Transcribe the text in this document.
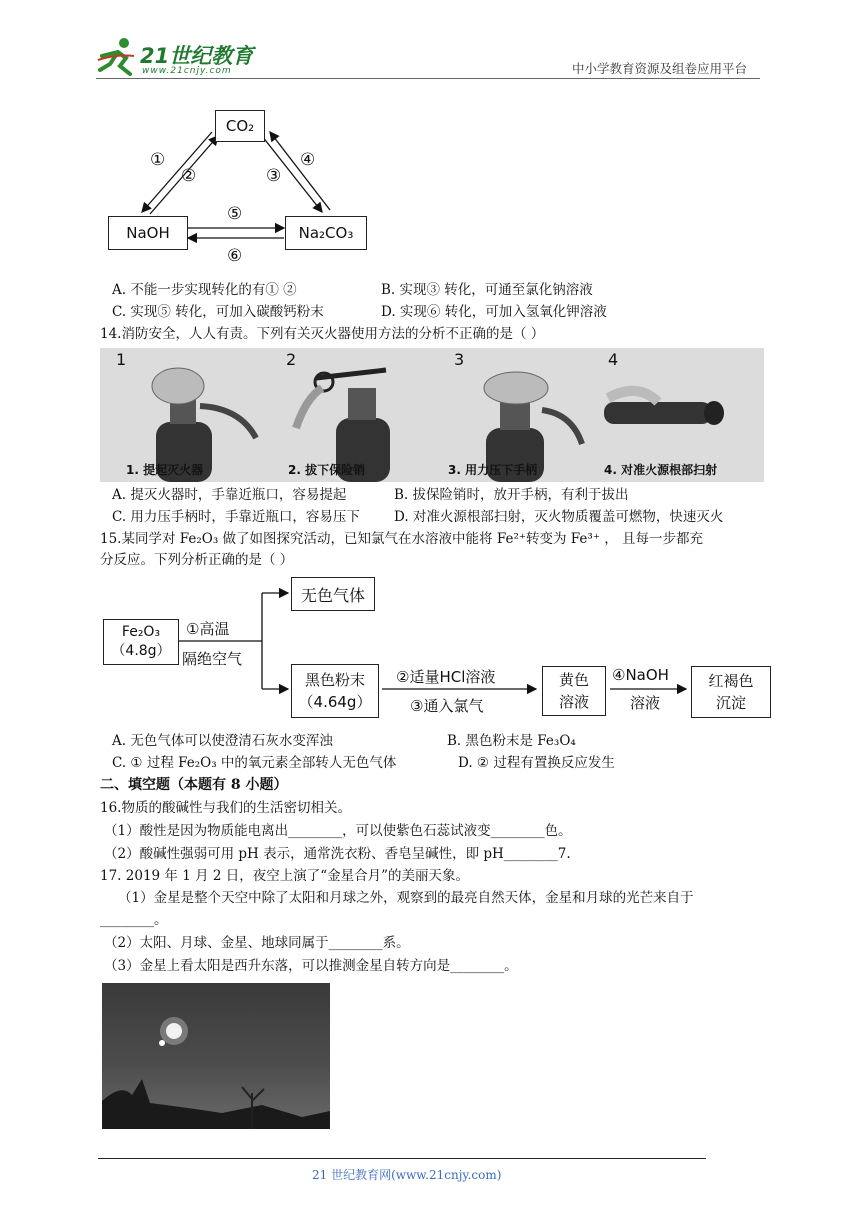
21世纪教育
www.21cnjy.com	中小学教育资源及组卷应用平台
CO₂
NaOH	Na₂CO₃
①
②	③
④
⑤
⑥
A. 不能一步实现转化的有① ②	B. 实现③ 转化，可通至氯化钠溶液
C. 实现⑤ 转化，可加入碳酸钙粉末	D. 实现⑥ 转化，可加入氢氧化钾溶液
14.消防安全，人人有责。下列有关灭火器使用方法的分析不正确的是（ ）
1
1. 提起灭火器
2
2. 拔下保险销
3
3. 用力压下手柄
4
4. 对准火源根部扫射
A. 提灭火器时，手靠近瓶口，容易提起	B. 拔保险销时，放开手柄，有利于拔出
C. 用力压手柄时，手靠近瓶口，容易压下	D. 对准火源根部扫射，灭火物质覆盖可燃物，快速灭火
15.某同学对 Fe₂O₃ 做了如图探究活动，已知氯气在水溶液中能将 Fe²⁺转变为 Fe³⁺ ， 且每一步都充
分反应。下列分析正确的是（ ）
Fe₂O₃
（4.8g）
①高温
隔绝空气
无色气体
黑色粉末
（4.64g）
②适量HCl溶液
③通入氯气
黄色
溶液
④NaOH
溶液
红褐色
沉淀
A. 无色气体可以使澄清石灰水变浑浊	B. 黑色粉末是 Fe₃O₄
C. ① 过程 Fe₂O₃ 中的氧元素全部转人无色气体	D. ② 过程有置换反应发生
二、填空题（本题有 8 小题）
16.物质的酸碱性与我们的生活密切相关。
（1）酸性是因为物质能电离出________，可以使紫色石蕊试液变________色。
（2）酸碱性强弱可用 pH 表示，通常洗衣粉、香皂呈碱性，即 pH________7.
17. 2019 年 1 月 2 日，夜空上演了“金星合月”的美丽天象。
（1）金星是整个天空中除了太阳和月球之外，观察到的最亮自然天体，金星和月球的光芒来自于
________。
（2）太阳、月球、金星、地球同属于________系。
（3）金星上看太阳是西升东落，可以推测金星自转方向是________。
21 世纪教育网(www.21cnjy.com)
